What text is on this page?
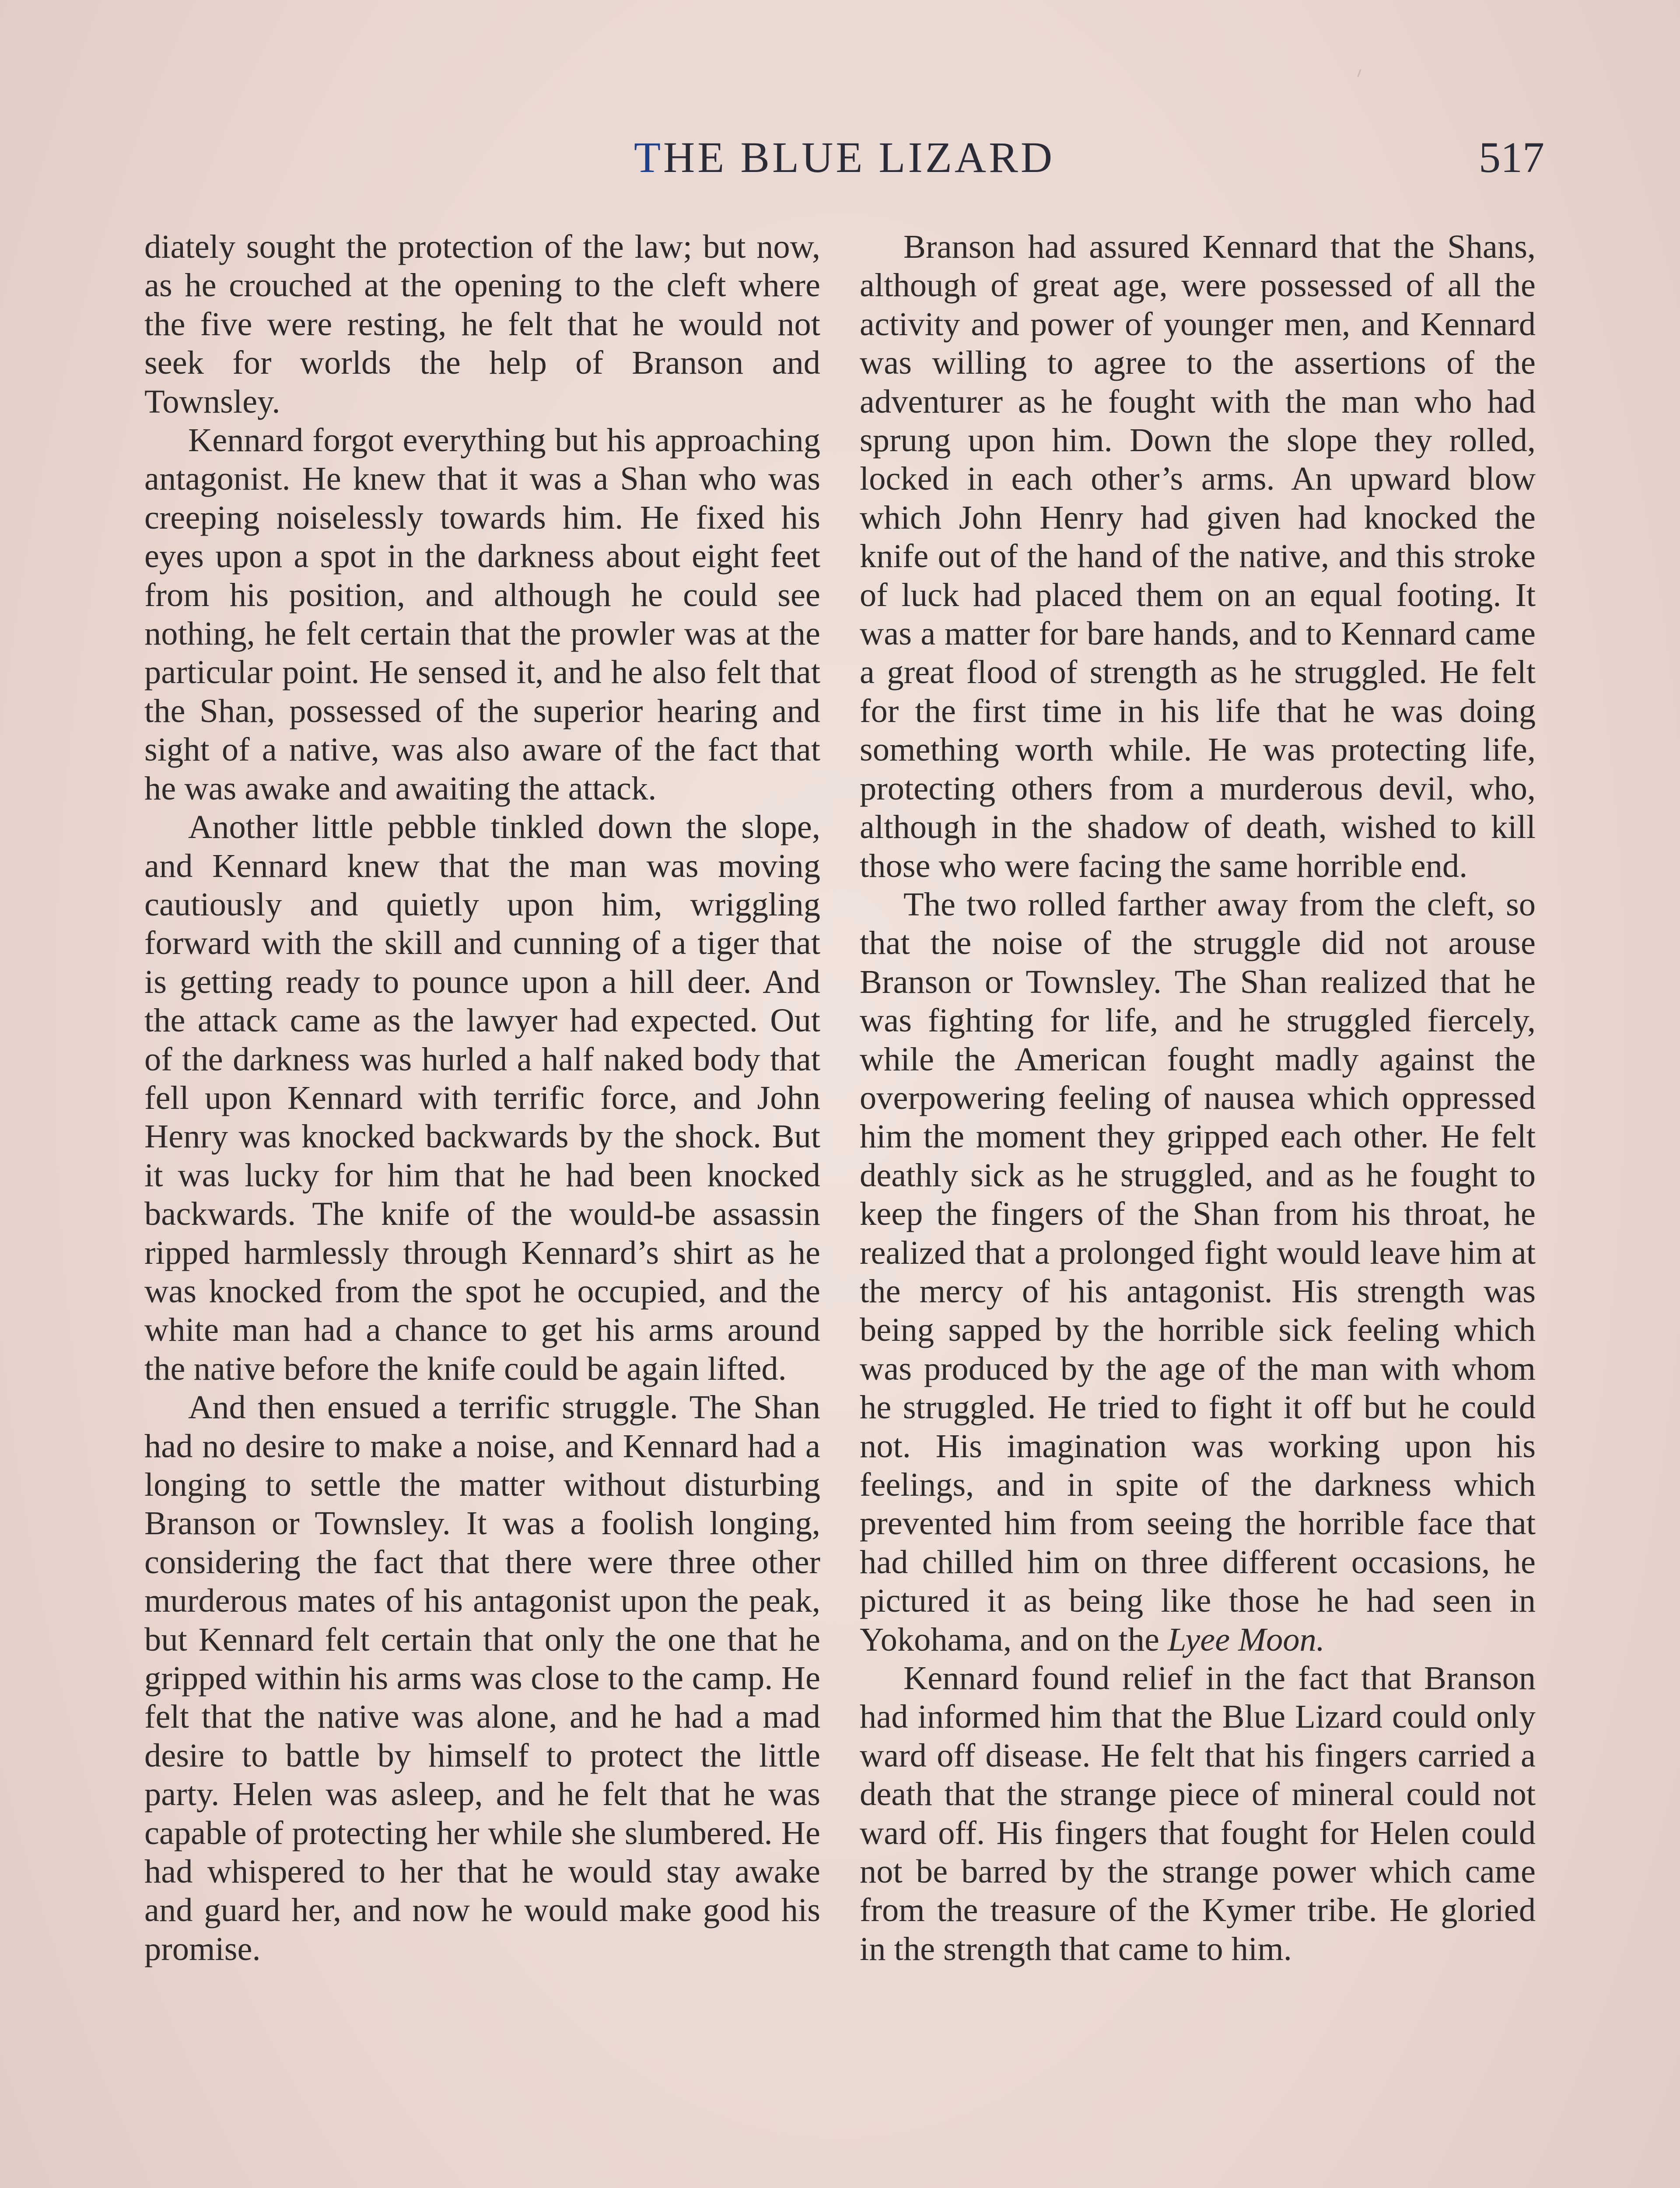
THE BLUE LIZARD	517

diately sought the protection of the law; but now, as he crouched at the opening to the cleft where the five were resting, he felt that he would not seek for worlds the help of Branson and Townsley.

Kennard forgot everything but his approaching antagonist. He knew that it was a Shan who was creeping noiselessly towards him. He fixed his eyes upon a spot in the darkness about eight feet from his position, and although he could see nothing, he felt certain that the prowler was at the particular point. He sensed it, and he also felt that the Shan, possessed of the superior hearing and sight of a native, was also aware of the fact that he was awake and awaiting the attack.

Another little pebble tinkled down the slope, and Kennard knew that the man was moving cautiously and quietly upon him, wriggling forward with the skill and cunning of a tiger that is getting ready to pounce upon a hill deer. And the attack came as the lawyer had expected. Out of the darkness was hurled a half naked body that fell upon Kennard with terrific force, and John Henry was knocked backwards by the shock. But it was lucky for him that he had been knocked backwards. The knife of the would-be assassin ripped harmlessly through Kennard’s shirt as he was knocked from the spot he occupied, and the white man had a chance to get his arms around the native before the knife could be again lifted.

And then ensued a terrific struggle. The Shan had no desire to make a noise, and Kennard had a longing to settle the matter without disturbing Branson or Townsley. It was a foolish longing, considering the fact that there were three other murderous mates of his antagonist upon the peak, but Kennard felt certain that only the one that he gripped within his arms was close to the camp. He felt that the native was alone, and he had a mad desire to battle by himself to protect the little party. Helen was asleep, and he felt that he was capable of protecting her while she slumbered. He had whispered to her that he would stay awake and guard her, and now he would make good his promise.

Branson had assured Kennard that the Shans, although of great age, were possessed of all the activity and power of younger men, and Kennard was willing to agree to the assertions of the adventurer as he fought with the man who had sprung upon him. Down the slope they rolled, locked in each other’s arms. An upward blow which John Henry had given had knocked the knife out of the hand of the native, and this stroke of luck had placed them on an equal footing. It was a matter for bare hands, and to Kennard came a great flood of strength as he struggled. He felt for the first time in his life that he was doing something worth while. He was protecting life, protecting others from a murderous devil, who, although in the shadow of death, wished to kill those who were facing the same horrible end.

The two rolled farther away from the cleft, so that the noise of the struggle did not arouse Branson or Townsley. The Shan realized that he was fighting for life, and he struggled fiercely, while the American fought madly against the overpowering feeling of nausea which oppressed him the moment they gripped each other. He felt deathly sick as he struggled, and as he fought to keep the fingers of the Shan from his throat, he realized that a prolonged fight would leave him at the mercy of his antagonist. His strength was being sapped by the horrible sick feeling which was produced by the age of the man with whom he struggled. He tried to fight it off but he could not. His imagination was working upon his feelings, and in spite of the darkness which prevented him from seeing the horrible face that had chilled him on three different occasions, he pictured it as being like those he had seen in Yokohama, and on the Lyee Moon.

Kennard found relief in the fact that Branson had informed him that the Blue Lizard could only ward off disease. He felt that his fingers carried a death that the strange piece of mineral could not ward off. His fingers that fought for Helen could not be barred by the strange power which came from the treasure of the Kymer tribe. He gloried in the strength that came to him.
